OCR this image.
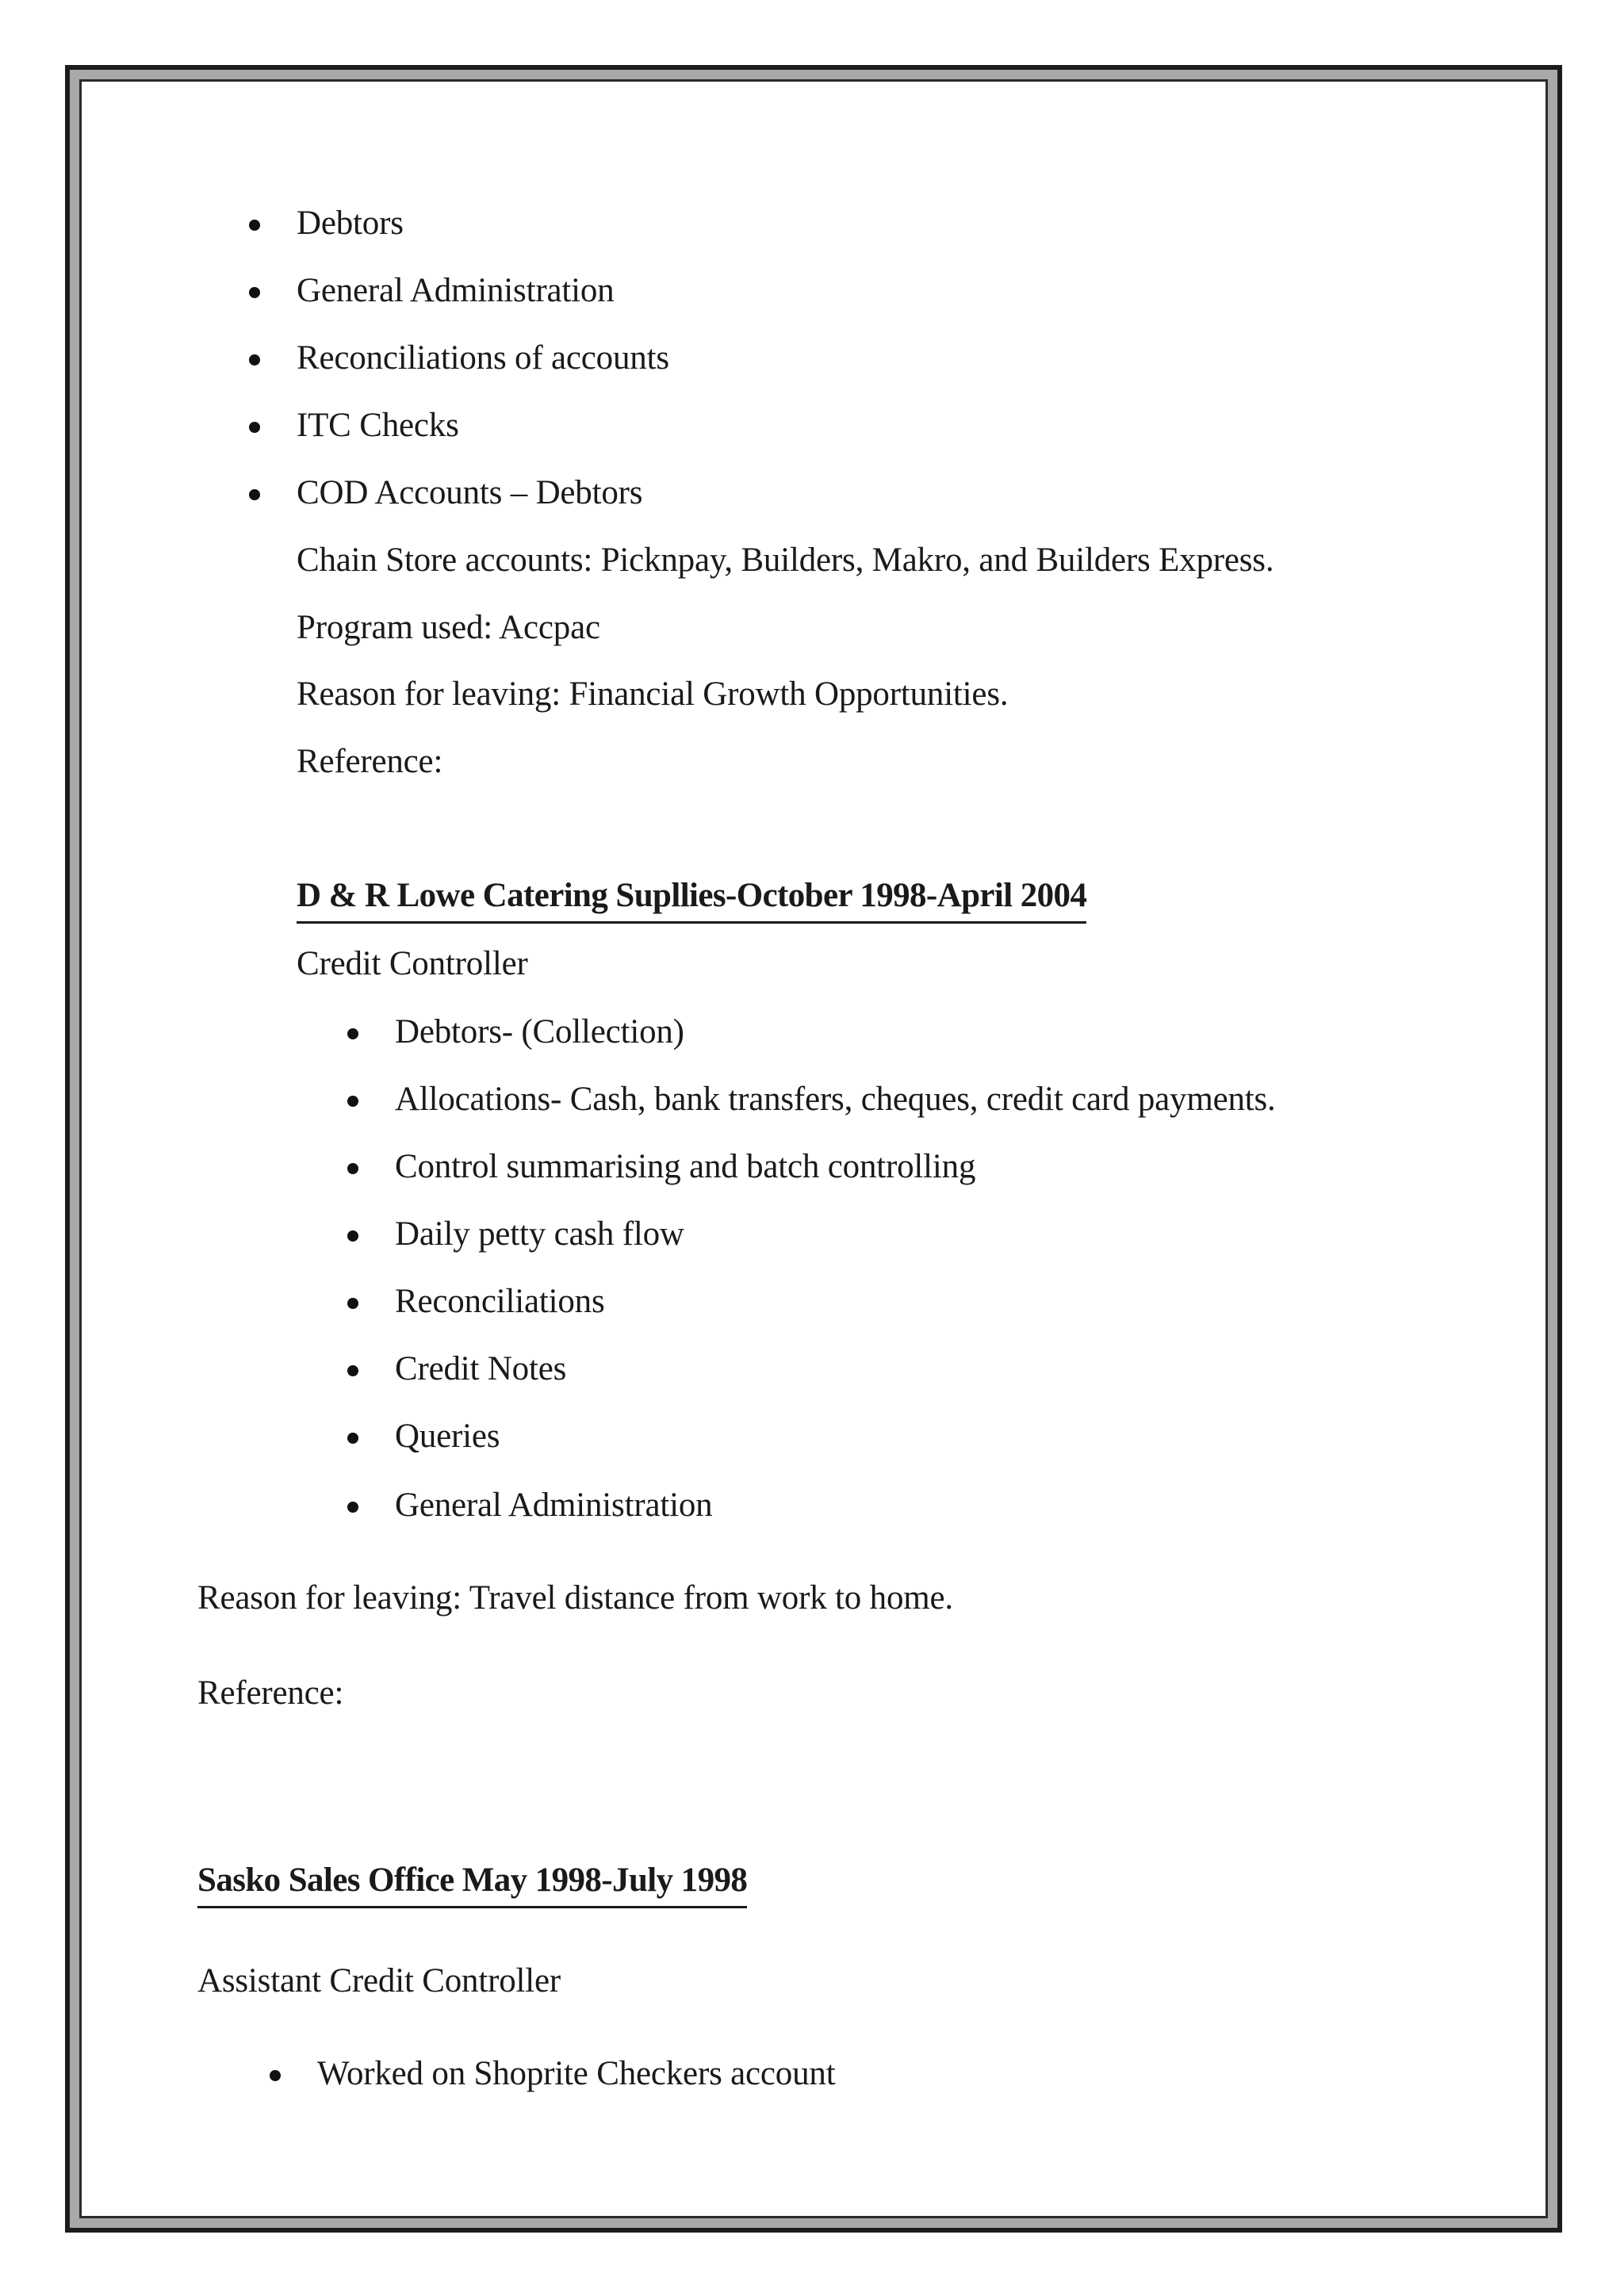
Debtors
General Administration
Reconciliations of accounts
ITC Checks
COD Accounts – Debtors
Chain Store accounts: Picknpay, Builders, Makro, and Builders Express.
Program used: Accpac
Reason for leaving: Financial Growth Opportunities.
Reference:
D & R Lowe Catering Supllies-October 1998-April 2004
Credit Controller
Debtors- (Collection)
Allocations- Cash, bank transfers, cheques, credit card payments.
Control summarising and batch controlling
Daily petty cash flow
Reconciliations
Credit Notes
Queries
General Administration
Reason for leaving: Travel distance from work to home.
Reference:
Sasko Sales Office May 1998-July 1998
Assistant Credit Controller
Worked on Shoprite Checkers account
